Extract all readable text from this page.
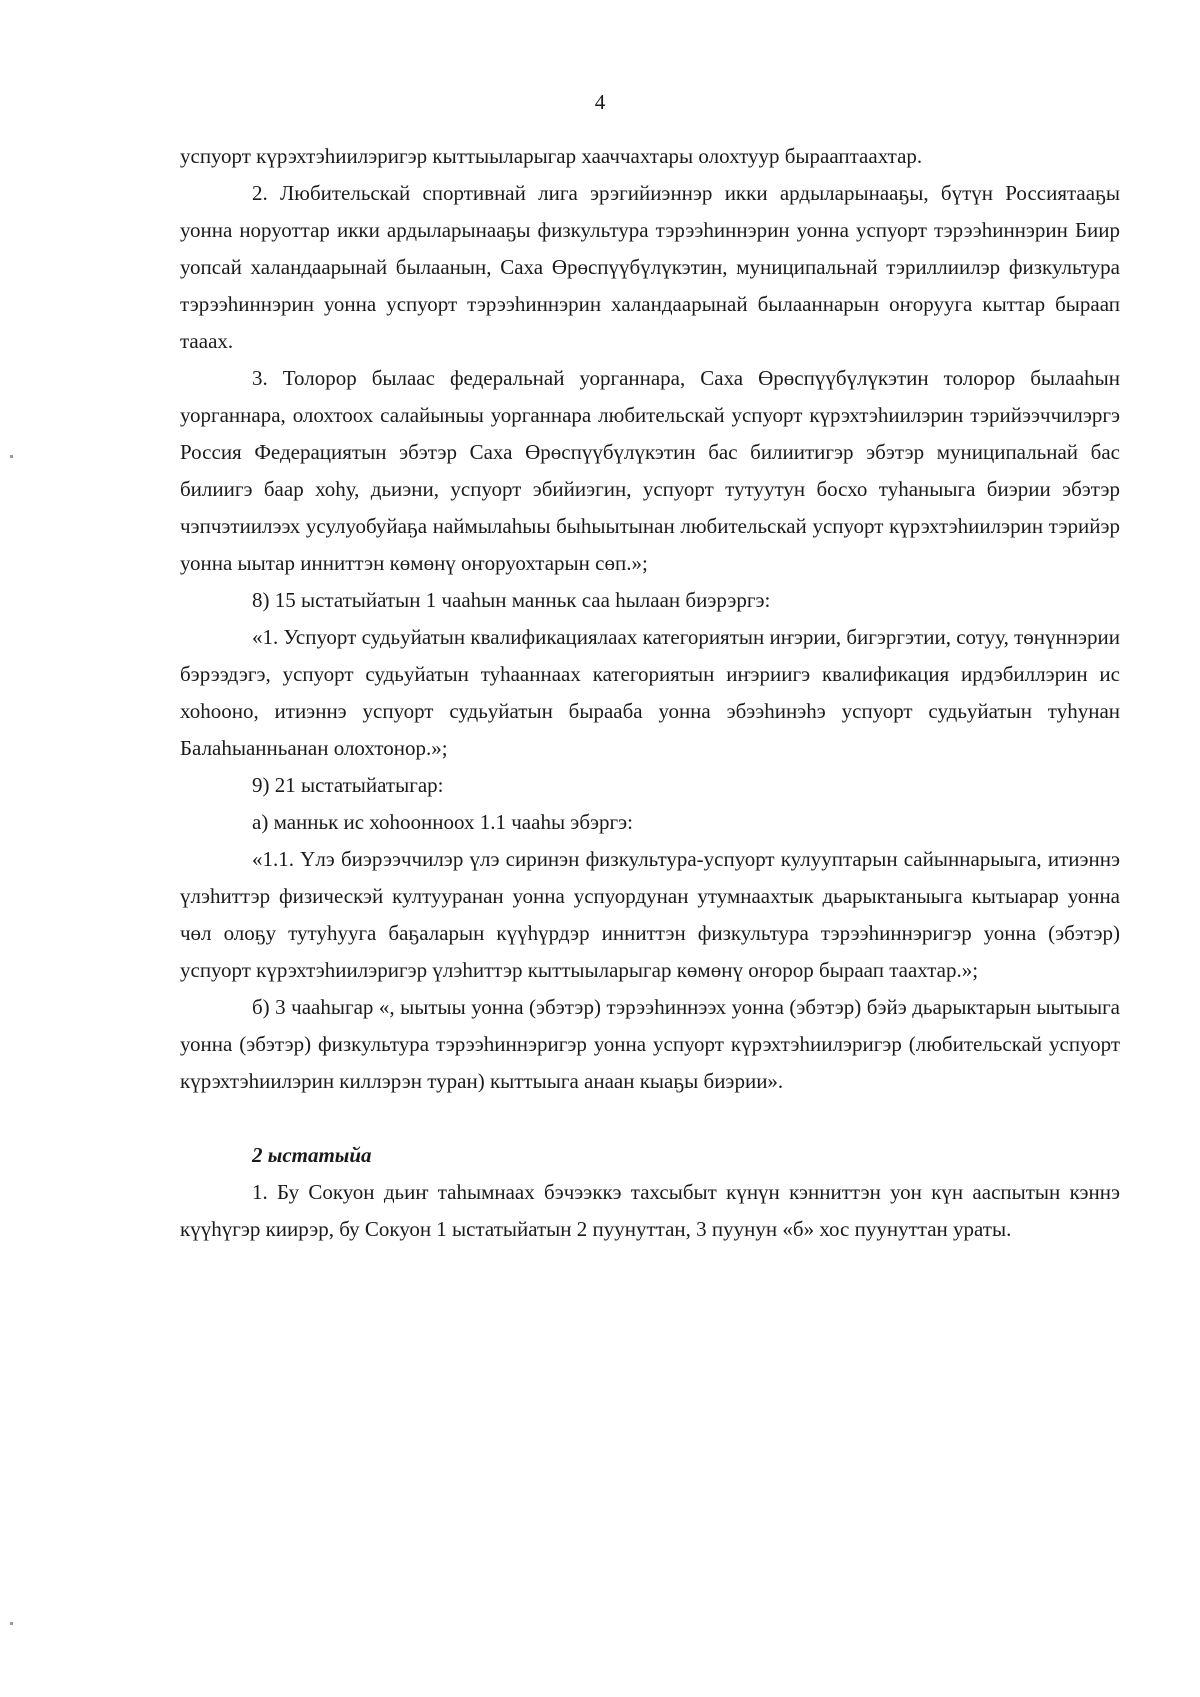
4

успуорт күрэхтэһиилэригэр кыттыыларыгар хааччахтары олохтуур бырааптаахтар.

2. Любительскай спортивнай лига эрэгийиэннэр икки ардыларынааҕы, бүтүн Россиятааҕы уонна норуоттар икки ардыларынааҕы физкультура тэрээһиннэрин уонна успуорт тэрээһиннэрин Биир уопсай халандаарынай былаанын, Саха Өрөспүүбүлүкэтин, муниципальнай тэриллиилэр физкультура тэрээһиннэрин уонна успуорт тэрээһиннэрин халандаарынай былааннарын оҥорууга кыттар быраап тааах.

3. Толорор былаас федеральнай уорганнара, Саха Өрөспүүбүлүкэтин толорор былааһын уорганнара, олохтоох салайыныы уорганнара любительскай успуорт күрэхтэһиилэрин тэрийээччилэргэ Россия Федерациятын эбэтэр Саха Өрөспүүбүлүкэтин бас билиитигэр эбэтэр муниципальнай бас билиигэ баар хоһу, дьиэни, успуорт эбийиэгин, успуорт тутуутун босхо туһаныыга биэрии эбэтэр чэпчэтиилээх усулуобуйаҕа наймылаһыы быһыытынан любительскай успуорт күрэхтэһиилэрин тэрийэр уонна ыытар инниттэн көмөнү оҥоруохтарын сөп.»;

8) 15 ыстатыйатын 1 чааһын манньк саа һылаан биэрэргэ:

«1. Успуорт судьуйатын квалификациялаах категориятын иҥэрии, бигэргэтии, сотуу, төнүннэрии бэрээдэгэ, успуорт судьуйатын туһааннаах категориятын иҥэриигэ квалификация ирдэбиллэрин ис хоһооно, итиэннэ успуорт судьуйатын быраaба уонна эбээһинэһэ успуорт судьуйатын туһунан Балаһыанньанан олохтонор.»;

9) 21 ыстатыйатыгар:

а) манньк ис хоһооннoох 1.1 чааһы эбэргэ:

«1.1. Үлэ биэрээччилэр үлэ сиринэн физкультура-успуорт кулууптарын сайыннарыыга, итиэннэ үлэһиттэр физическэй култууранан уонна успуордунан утумнаахтык дьарыктаныыга кытыарар уонна чөл олоҕу тутуһууга баҕаларын күүһүрдэр инниттэн физкультура тэрээһиннэригэр уонна (эбэтэр) успуорт күрэхтэһиилэригэр үлэһиттэр кыттыыларыгар көмөнү оҥорор быраап таахтар.»;

б) 3 чааһыгар «, ыытыы уонна (эбэтэр) тэрээһиннээх уонна (эбэтэр) бэйэ дьарыктарын ыытыыга уонна (эбэтэр) физкультура тэрээһиннэригэр уонна успуорт күрэхтэһиилэригэр (любительскай успуорт күрэхтэһиилэрин киллэрэн туран) кыттыыга анаан кыаҕы биэрии».

2 ыстатыйа

1. Бу Сокуон дьиҥ таһымнаах бэчээккэ тахсыбыт күнүн кэнниттэн уон күн ааспытын кэннэ күүһүгэр киирэр, бу Сокуон 1 ыстатыйатын 2 пуунуттан, 3 пуунун «б» хос пуунуттан ураты.
